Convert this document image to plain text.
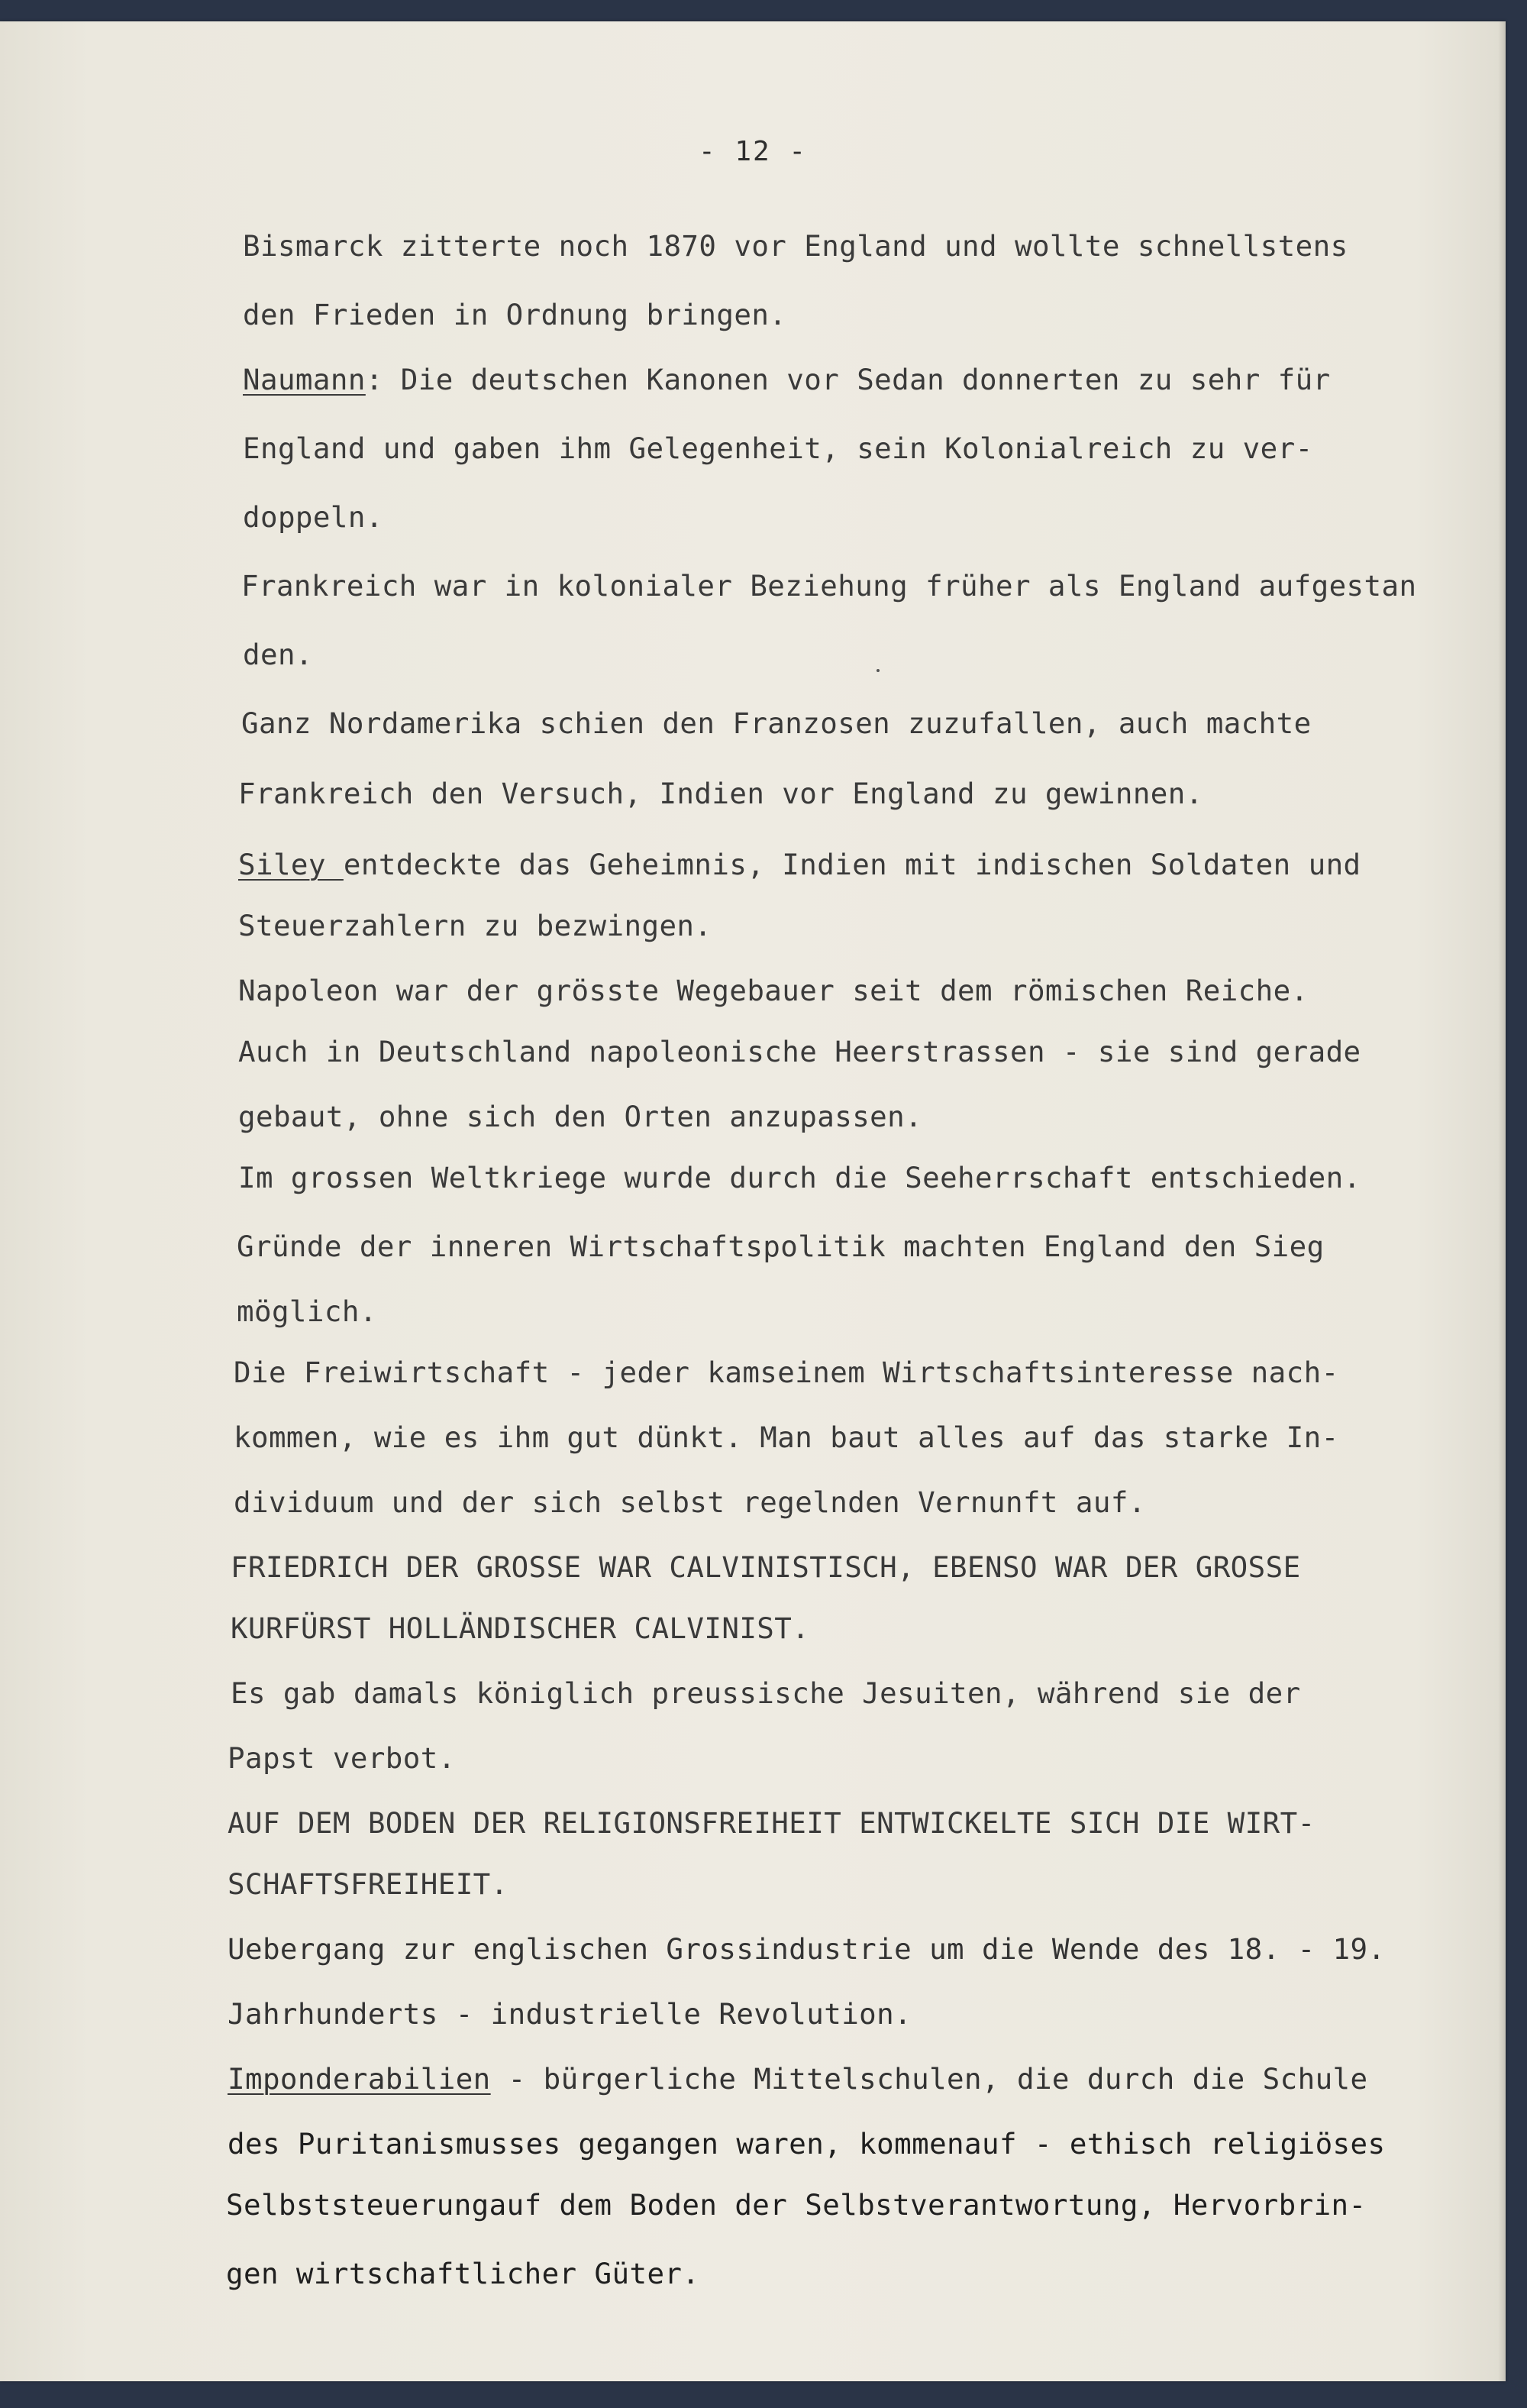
- 12 -

Bismarck zitterte noch 1870 vor England und wollte schnellstens

den Frieden in Ordnung bringen.

Naumann: Die deutschen Kanonen vor Sedan donnerten zu sehr für

England und gaben ihm Gelegenheit, sein Kolonialreich zu ver-

doppeln.

Frankreich war in kolonialer Beziehung früher als England aufgestan

den.

Ganz Nordamerika schien den Franzosen zuzufallen, auch machte

Frankreich den Versuch, Indien vor England zu gewinnen.

Siley entdeckte das Geheimnis, Indien mit indischen Soldaten und

Steuerzahlern zu bezwingen.

Napoleon war der grösste Wegebauer seit dem römischen Reiche.

Auch in Deutschland napoleonische Heerstrassen - sie sind gerade

gebaut, ohne sich den Orten anzupassen.

Im grossen Weltkriege wurde durch die Seeherrschaft entschieden.

Gründe der inneren Wirtschaftspolitik machten England den Sieg

möglich.

Die Freiwirtschaft - jeder kamseinem Wirtschaftsinteresse nach-

kommen, wie es ihm gut dünkt. Man baut alles auf das starke In-

dividuum und der sich selbst regelnden Vernunft auf.

FRIEDRICH DER GROSSE WAR CALVINISTISCH, EBENSO WAR DER GROSSE

KURFÜRST HOLLÄNDISCHER CALVINIST.

Es gab damals königlich preussische Jesuiten, während sie der

Papst verbot.

AUF DEM BODEN DER RELIGIONSFREIHEIT ENTWICKELTE SICH DIE WIRT-

SCHAFTSFREIHEIT.

Uebergang zur englischen Grossindustrie um die Wende des 18. - 19.

Jahrhunderts - industrielle Revolution.

Imponderabilien - bürgerliche Mittelschulen, die durch die Schule

des Puritanismusses gegangen waren, kommenauf - ethisch religiöses

Selbststeuerungauf dem Boden der Selbstverantwortung, Hervorbrin-

gen wirtschaftlicher Güter.
